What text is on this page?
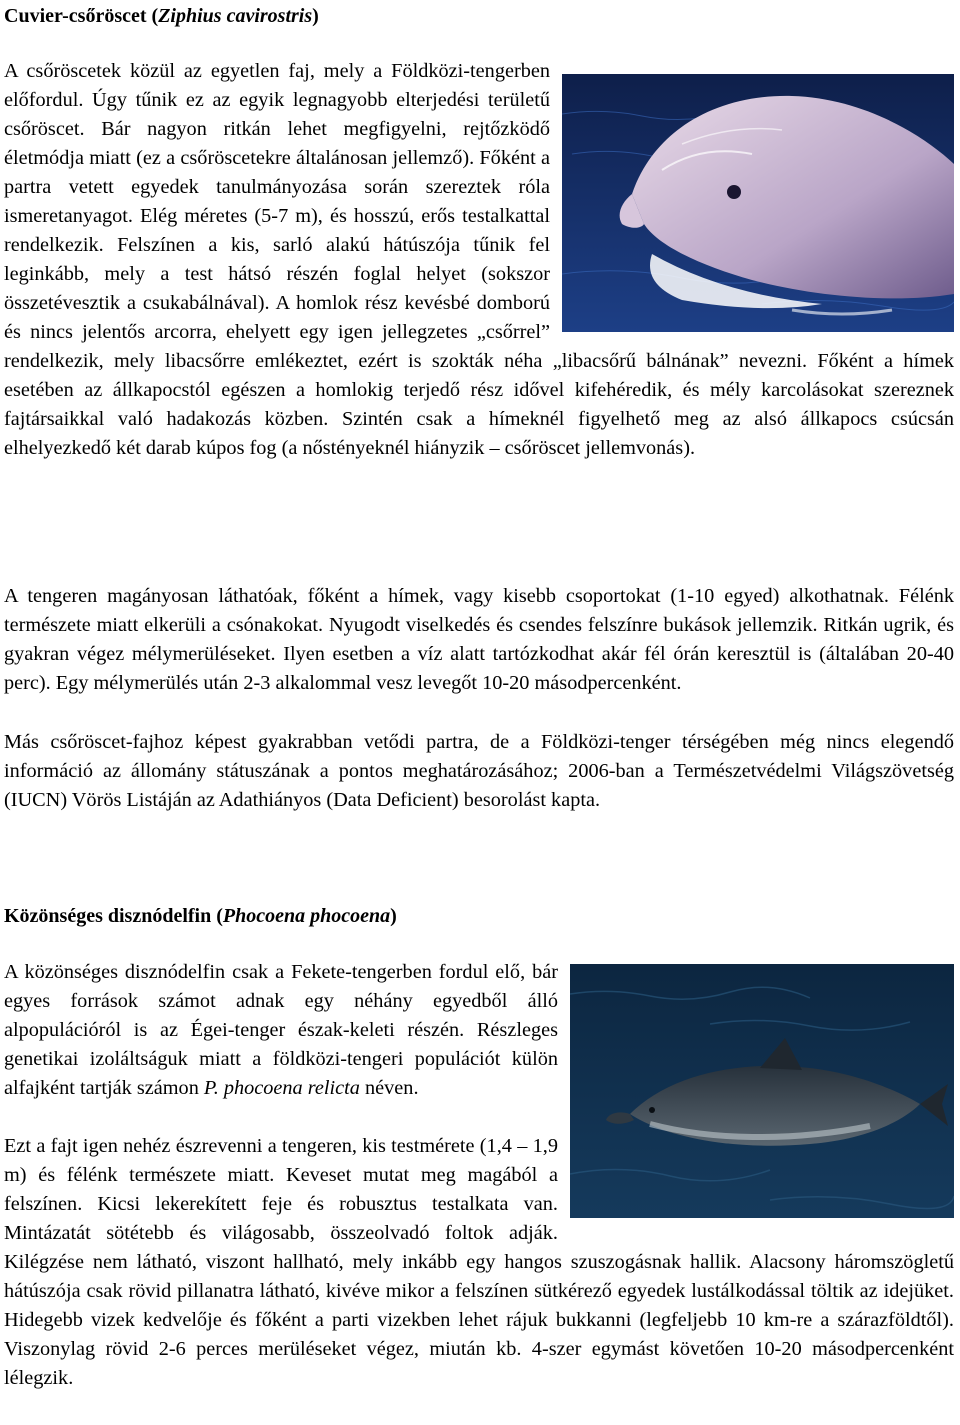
Cuvier-csőröscet (Ziphius cavirostris)
A csőröscetek közül az egyetlen faj, mely a Földközi-tengerben előfordul. Úgy tűnik ez az egyik legnagyobb elterjedési területű csőröscet. Bár nagyon ritkán lehet megfigyelni, rejtőzködő életmódja miatt (ez a csőröscetekre általánosan jellemző). Főként a partra vetett egyedek tanulmányozása során szereztek róla ismeretanyagot. Elég méretes (5-7 m), és hosszú, erős testalkattal rendelkezik. Felszínen a kis, sarló alakú hátúszója tűnik fel leginkább, mely a test hátsó részén foglal helyet (sokszor összetévesztik a csukabálnával). A homlok rész kevésbé domború és nincs jelentős arcorra, ehelyett egy igen jellegzetes „csőrrel” rendelkezik, mely libacsőrre emlékeztet, ezért is szokták néha „libacsőrű bálnának” nevezni. Főként a hímek esetében az állkapocstól egészen a homlokig terjedő rész idővel kifehéredik, és mély karcolásokat szereznek fajtársaikkal való hadakozás közben. Szintén csak a hímeknél figyelhető meg az alsó állkapocs csúcsán elhelyezkedő két darab kúpos fog (a nőstényeknél hiányzik – csőröscet jellemvonás).
A tengeren magányosan láthatóak, főként a hímek, vagy kisebb csoportokat (1-10 egyed) alkothatnak. Félénk természete miatt elkerüli a csónakokat. Nyugodt viselkedés és csendes felszínre bukások jellemzik. Ritkán ugrik, és gyakran végez mélymerüléseket. Ilyen esetben a víz alatt tartózkodhat akár fél órán keresztül is (általában 20-40 perc). Egy mélymerülés után 2-3 alkalommal vesz levegőt 10-20 másodpercenként.
Más csőröscet-fajhoz képest gyakrabban vetődi partra, de a Földközi-tenger térségében még nincs elegendő információ az állomány státuszának a pontos meghatározásához; 2006-ban a Természetvédelmi Világszövetség (IUCN) Vörös Listáján az Adathiányos (Data Deficient) besorolást kapta.
Közönséges disznódelfin (Phocoena phocoena)

A közönséges disznódelfin csak a Fekete-tengerben fordul elő, bár egyes források számot adnak egy néhány egyedből álló alpopulációról is az Égei-tenger észak-keleti részén. Részleges genetikai izoláltságuk miatt a földközi-tengeri populációt külön alfajként tartják számon P. phocoena relicta néven.

Ezt a fajt igen nehéz észrevenni a tengeren, kis testmérete (1,4 – 1,9 m) és félénk természete miatt. Keveset mutat meg magából a felszínen. Kicsi lekerekített feje és robusztus testalkata van. Mintázatát sötétebb és világosabb, összeolvadó foltok adják. Kilégzése nem látható, viszont hallható, mely inkább egy hangos szuszogásnak hallik. Alacsony háromszögletű hátúszója csak rövid pillanatra látható, kivéve mikor a felszínen sütkérező egyedek lustálkodással töltik az idejüket. Hidegebb vizek kedvelője és főként a parti vizekben lehet rájuk bukkanni (legfeljebb 10 km-re a szárazföldtől). Viszonylag rövid 2-6 perces merüléseket végez, miután kb. 4-szer egymást követően 10-20 másodpercenként lélegzik.
